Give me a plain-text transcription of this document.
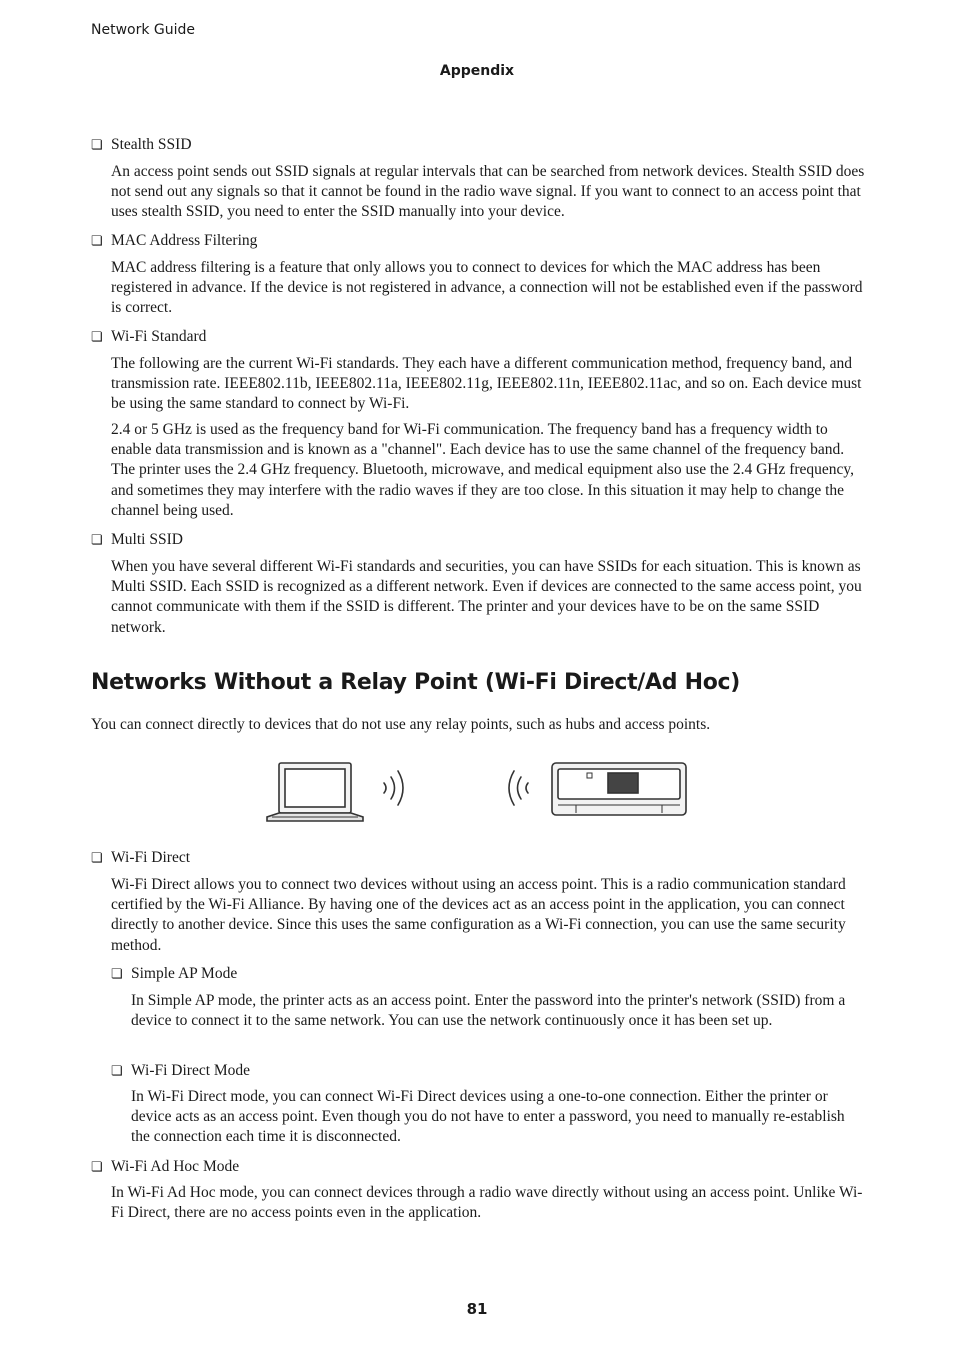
Network Guide
Appendix
❏ Stealth SSID
An access point sends out SSID signals at regular intervals that can be searched from network devices. Stealth SSID does not send out any signals so that it cannot be found in the radio wave signal. If you want to connect to an access point that uses stealth SSID, you need to enter the SSID manually into your device.
❏ MAC Address Filtering
MAC address filtering is a feature that only allows you to connect to devices for which the MAC address has been registered in advance. If the device is not registered in advance, a connection will not be established even if the password is correct.
❏ Wi-Fi Standard
The following are the current Wi-Fi standards. They each have a different communication method, frequency band, and transmission rate. IEEE802.11b, IEEE802.11a, IEEE802.11g, IEEE802.11n, IEEE802.11ac, and so on. Each device must be using the same standard to connect by Wi-Fi.
2.4 or 5 GHz is used as the frequency band for Wi-Fi communication. The frequency band has a frequency width to enable data transmission and is known as a "channel". Each device has to use the same channel of the frequency band. The printer uses the 2.4 GHz frequency. Bluetooth, microwave, and medical equipment also use the 2.4 GHz frequency, and sometimes they may interfere with the radio waves if they are too close. In this situation it may help to change the channel being used.
❏ Multi SSID
When you have several different Wi-Fi standards and securities, you can have SSIDs for each situation. This is known as Multi SSID. Each SSID is recognized as a different network. Even if devices are connected to the same access point, you cannot communicate with them if the SSID is different. The printer and your devices have to be on the same SSID network.
Networks Without a Relay Point (Wi-Fi Direct/Ad Hoc)
You can connect directly to devices that do not use any relay points, such as hubs and access points.
❏ Wi-Fi Direct
Wi-Fi Direct allows you to connect two devices without using an access point. This is a radio communication standard certified by the Wi-Fi Alliance. By having one of the devices act as an access point in the application, you can connect directly to another device. Since this uses the same configuration as a Wi-Fi connection, you can use the same security method.
❏ Simple AP Mode
In Simple AP mode, the printer acts as an access point. Enter the password into the printer's network (SSID) from a device to connect it to the same network. You can use the network continuously once it has been set up.
❏ Wi-Fi Direct Mode
In Wi-Fi Direct mode, you can connect Wi-Fi Direct devices using a one-to-one connection. Either the printer or device acts as an access point. Even though you do not have to enter a password, you need to manually re-establish the connection each time it is disconnected.
❏ Wi-Fi Ad Hoc Mode
In Wi-Fi Ad Hoc mode, you can connect devices through a radio wave directly without using an access point. Unlike Wi-Fi Direct, there are no access points even in the application.
81
